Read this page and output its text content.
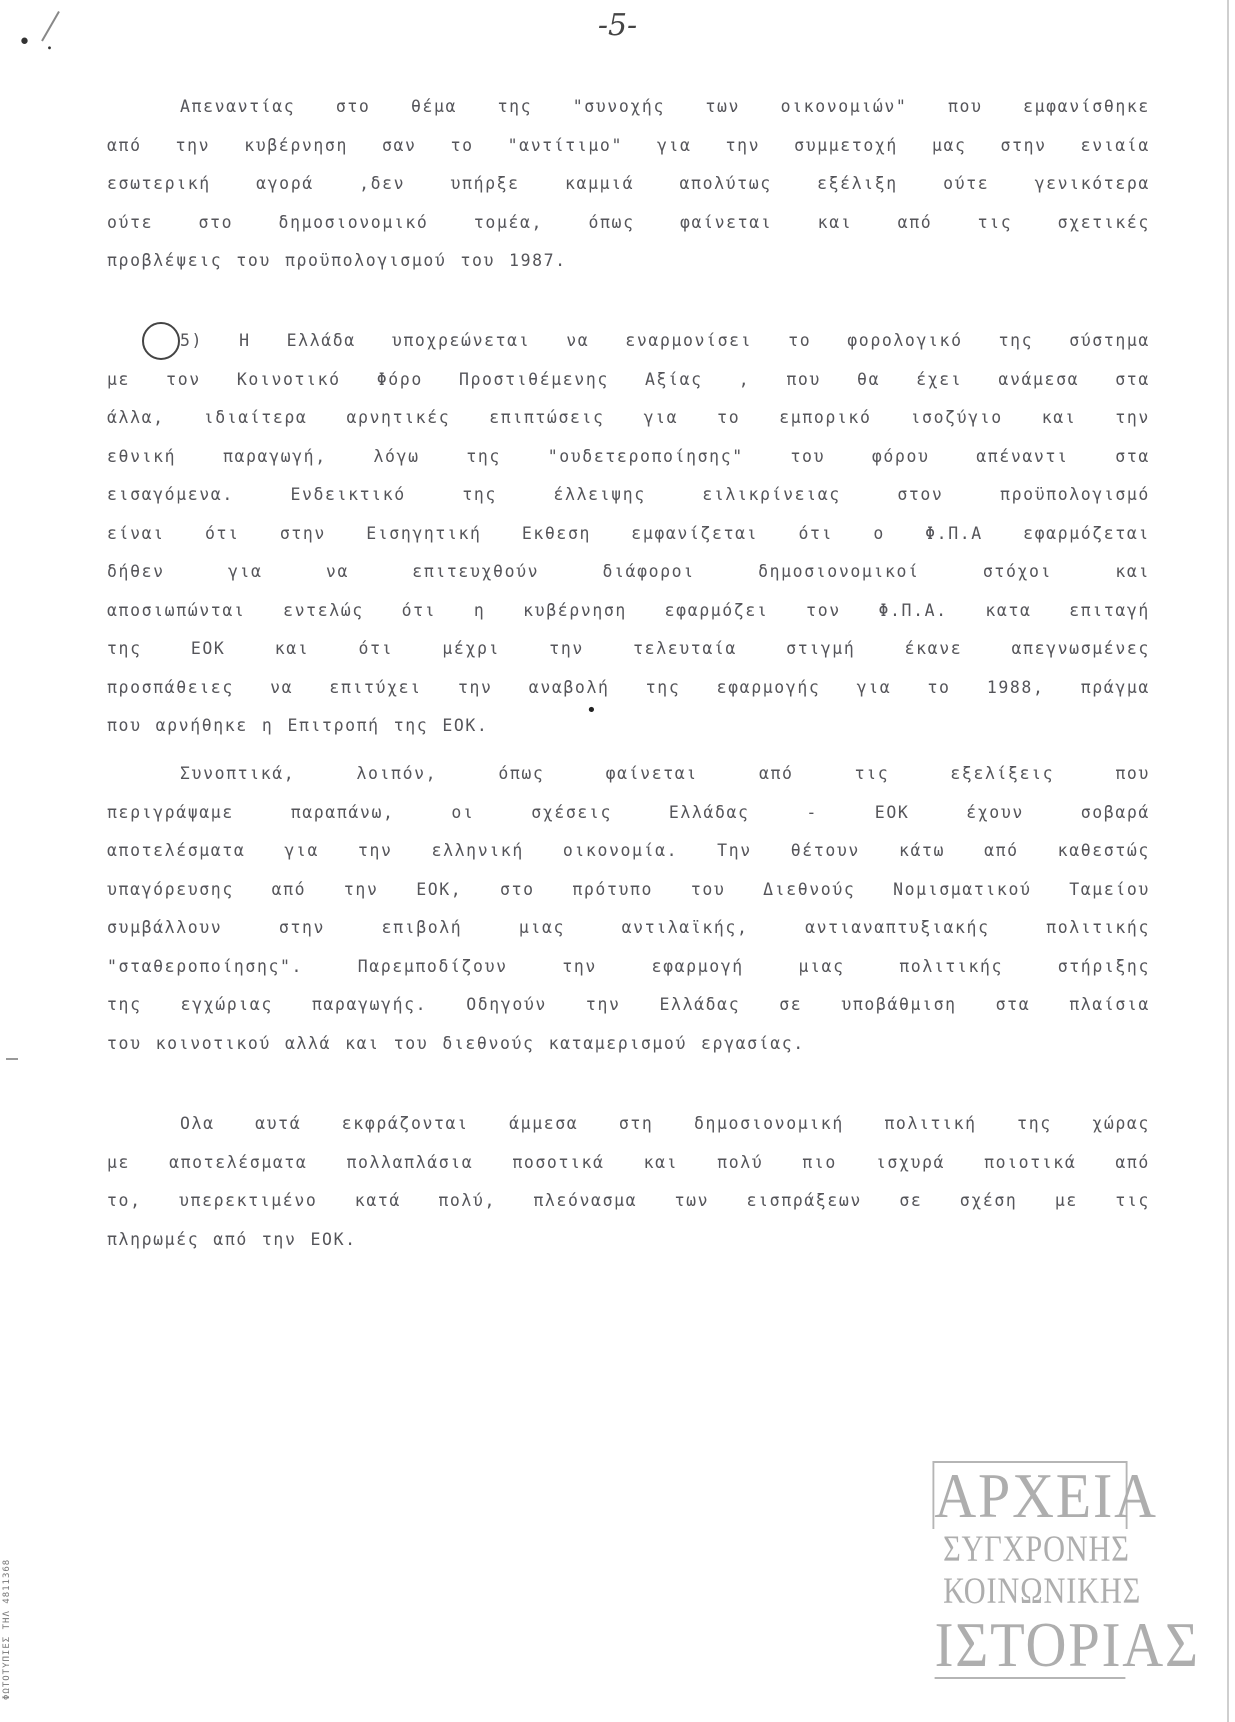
• .	-5-
Απεναντίας στο θέμα της "συνοχής των οικονομιών" που εμφανίσθηκε
από την κυβέρνηση σαν το "αντίτιμο" για την συμμετοχή μας στην ενιαία
εσωτερική	αγορά	,δεν	υπήρξε	καμμιά	απολύτως	εξέλιξη	ούτε	γενικότερα
ούτε	στο	δημοσιονομικό	τομέα,	όπως	φαίνεται	και	από	τις	σχετικές
προβλέψεις του προϋπολογισμού του 1987.
5) Η Ελλάδα υποχρεώνεται να εναρμονίσει το φορολογικό της σύστημα
με τον Κοινοτικό Φόρο Προστιθέμενης Αξίας , που θα έχει ανάμεσα στα
άλλα, ιδιαίτερα αρνητικές επιπτώσεις για το εμπορικό ισοζύγιο και την
εθνική	παραγωγή,	λόγω	της	"ουδετεροποίησης"	του	φόρου	απέναντι	στα
εισαγόμενα.	Ενδεικτικό	της	έλλειψης	ειλικρίνειας	στον	προϋπολογισμό
είναι ότι στην Εισηγητική Εκθεση εμφανίζεται ότι ο Φ.Π.Α εφαρμόζεται
δήθεν	για	να	επιτευχθούν	διάφοροι	δημοσιονομικοί	στόχοι	και
αποσιωπώνται εντελώς ότι η κυβέρνηση εφαρμόζει τον Φ.Π.Α. κατα επιταγή
της	ΕΟΚ	και	ότι	μέχρι	την	τελευταία	στιγμή	έκανε	απεγνωσμένες
προσπάθειες να επιτύχει την αναβολή της εφαρμογής για το 1988, πράγμα
που αρνήθηκε η Επιτροπή της ΕΟΚ.
Συνοπτικά,	λοιπόν,	όπως	φαίνεται	από	τις	εξελίξεις	που
περιγράψαμε	παραπάνω,	οι	σχέσεις	Ελλάδας	-	ΕΟΚ	έχουν	σοβαρά
αποτελέσματα για την ελληνική οικονομία. Την θέτουν κάτω από καθεστώς
υπαγόρευσης από την ΕΟΚ, στο πρότυπο του Διεθνούς Νομισματικού Ταμείου
συμβάλλουν	στην	επιβολή	μιας	αντιλαϊκής,	αντιαναπτυξιακής	πολιτικής
"σταθεροποίησης".	Παρεμποδίζουν	την	εφαρμογή	μιας	πολιτικής	στήριξης
της εγχώριας παραγωγής. Οδηγούν την Ελλάδας σε υποβάθμιση στα πλαίσια
του κοινοτικού αλλά και του διεθνούς καταμερισμού εργασίας.
Ολα αυτά εκφράζονται άμμεσα στη δημοσιονομική πολιτική της χώρας
με αποτελέσματα πολλαπλάσια ποσοτικά και πολύ πιο ισχυρά ποιοτικά από
το, υπερεκτιμένο κατά πολύ, πλεόνασμα των εισπράξεων σε σχέση με τις
πληρωμές από την ΕΟΚ.
•
ΑΡΧΕΙΑ
ΣΥΓΧΡΟΝΗΣ
ΚΟΙΝΩΝΙΚΗΣ
ΙΣΤΟΡΙΑΣ
ΦΩΤΟΤΥΠΙΕΣ ΤΗΛ 4811368
